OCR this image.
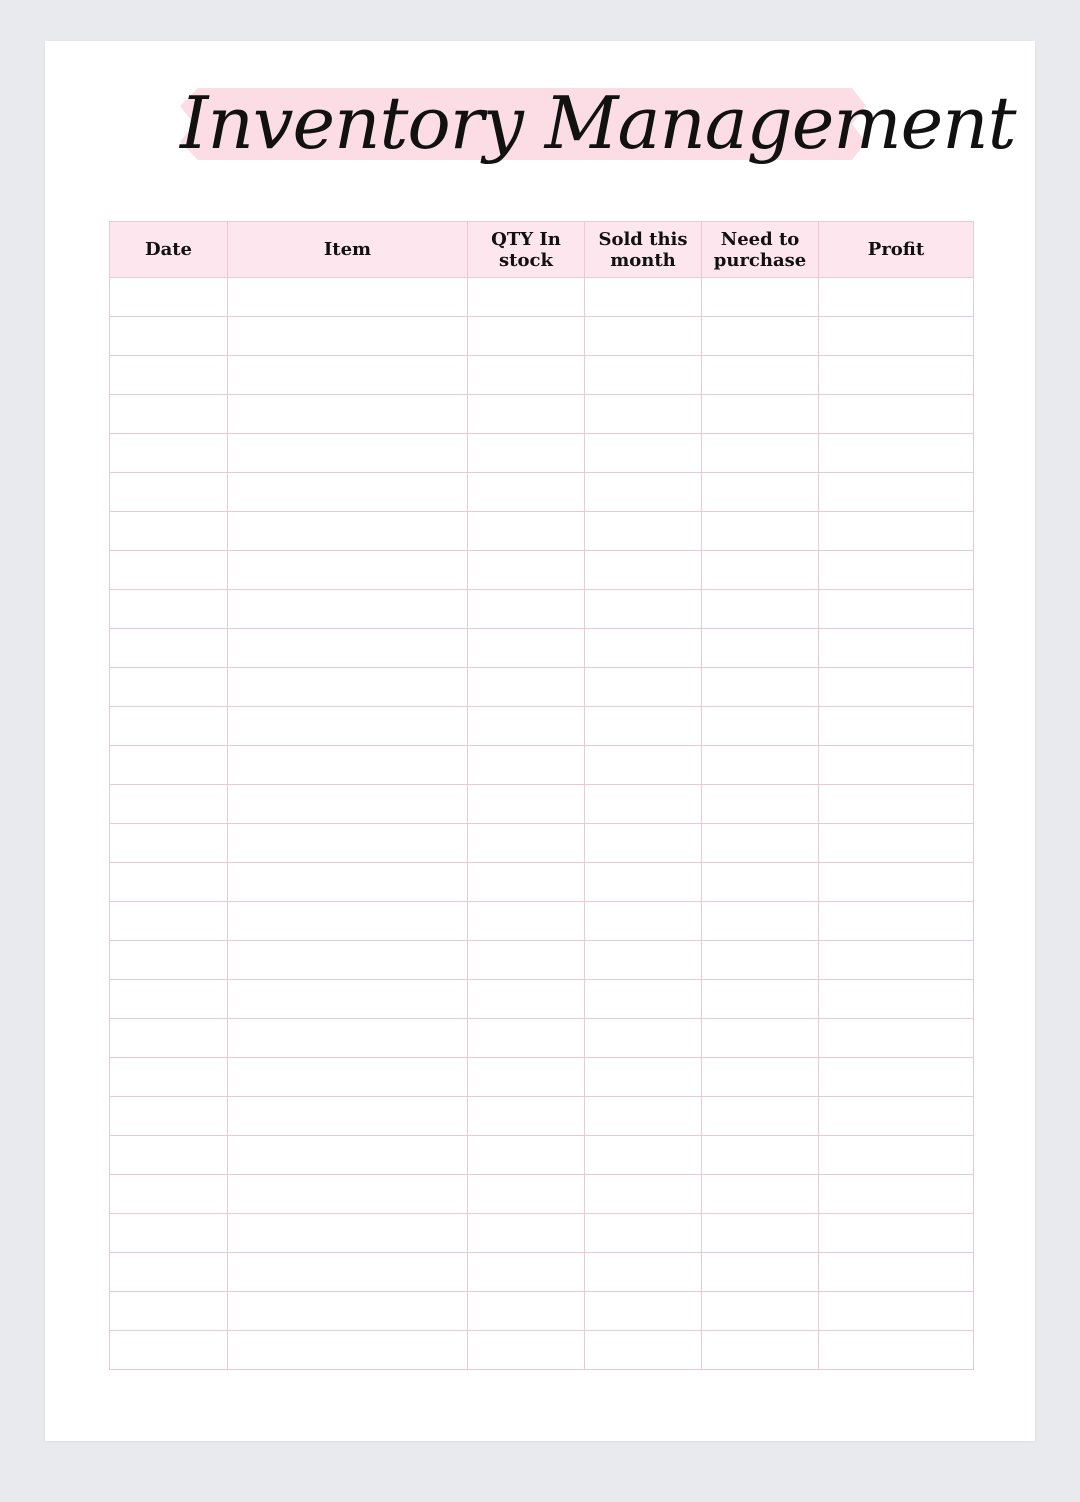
Inventory Management
Date	Item	QTY In stock	Sold this month	Need to purchase	Profit
